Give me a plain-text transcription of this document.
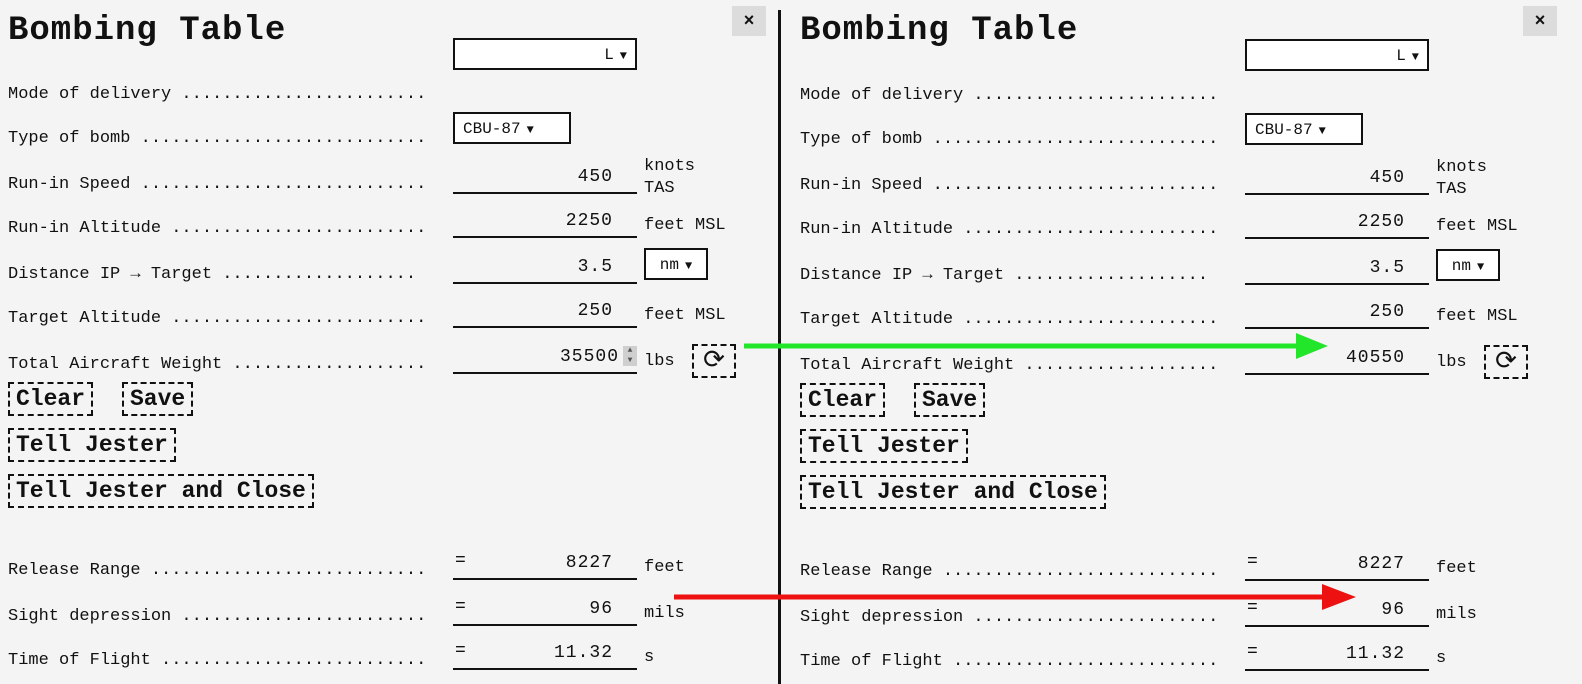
Bombing Table	×
Mode of delivery ........................
L ▼
Type of bomb ............................	CBU-87 ▼
Run-in Speed ............................	450
knots
TAS
Run-in Altitude .........................	2250	feet MSL
Distance IP → Target ...................	3.5	nm ▼
Target Altitude .........................	250	feet MSL
Total Aircraft Weight ...................	35500 ▲
▼ lbs	⟳
Clear	Save
Tell Jester
Tell Jester and Close
Release Range ........................... =	8227	feet
Sight depression ........................ =	96	mils
Time of Flight .......................... =	11.32	s
Bombing Table	×
Mode of delivery ........................
L ▼
Type of bomb ............................	CBU-87 ▼
Run-in Speed ............................	450
knots
TAS
Run-in Altitude .........................	2250	feet MSL
Distance IP → Target ...................	3.5	nm ▼
Target Altitude .........................	250	feet MSL
Total Aircraft Weight ...................	40550	lbs	⟳
Clear	Save
Tell Jester
Tell Jester and Close
Release Range ........................... =	8227	feet
Sight depression ........................ =	96	mils
Time of Flight .......................... =	11.32	s
